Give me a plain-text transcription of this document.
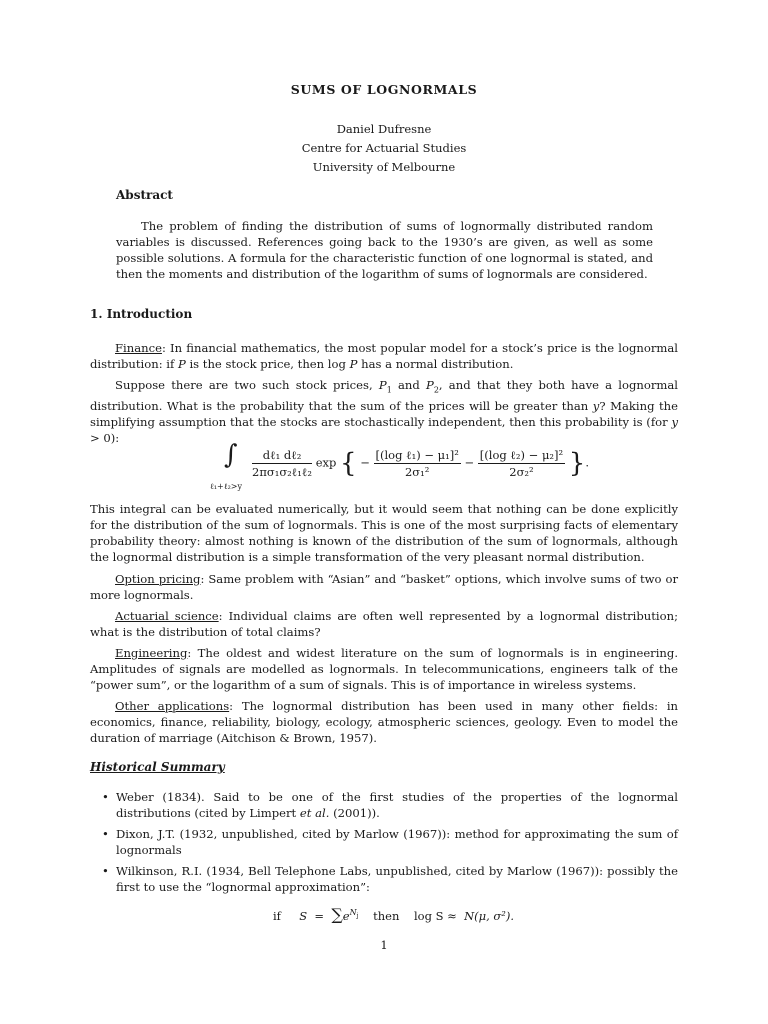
SUMS OF LOGNORMALS
Daniel Dufresne
Centre for Actuarial Studies
University of Melbourne
Abstract

The problem of finding the distribution of sums of lognormally distributed random variables is discussed. References going back to the 1930’s are given, as well as some possible solutions. A formula for the characteristic function of one lognormal is stated, and then the moments and distribution of the logarithm of sums of lognormals are considered.

1. Introduction

Finance: In financial mathematics, the most popular model for a stock’s price is the lognormal distribution: if P is the stock price, then log P has a normal distribution.

Suppose there are two such stock prices, $P_1$ and $P_2$, and that they both have a lognormal distribution. What is the probability that the sum of the prices will be greater than y? Making the simplifying assumption that the stocks are stochastically independent, then this probability is (for y > 0):

∫
ℓ₁+ℓ₂>y
$\frac{\text{dℓ₁ dℓ₂}}{\text{2πσ₁σ₂ℓ₁ℓ₂}}$ exp { − $\frac{\text{[(log ℓ₁) − μ₁]²}}{\text{2σ₁²}} - \frac{\text{[(log ℓ₂) − μ₂]²}}{\text{2σ₂²}}$ }.

This integral can be evaluated numerically, but it would seem that nothing can be done explicitly for the distribution of the sum of lognormals. This is one of the most surprising facts of elementary probability theory: almost nothing is known of the distribution of the sum of lognormals, although the lognormal distribution is a simple transformation of the very pleasant normal distribution.

Option pricing: Same problem with “Asian” and “basket” options, which involve sums of two or more lognormals.

Actuarial science: Individual claims are often well represented by a lognormal distribution; what is the distribution of total claims?

Engineering: The oldest and widest literature on the sum of lognormals is in engineering. Amplitudes of signals are modelled as lognormals. In telecommunications, engineers talk of the “power sum”, or the logarithm of a sum of signals. This is of importance in wireless systems.

Other applications: The lognormal distribution has been used in many other fields: in economics, finance, reliability, biology, ecology, atmospheric sciences, geology. Even to model the duration of marriage (Aitchison & Brown, 1957).

Historical Summary
• Weber (1834). Said to be one of the first studies of the properties of the lognormal distributions (cited by Limpert et al. (2001)).
• Dixon, J.T. (1932, unpublished, cited by Marlow (1967)): method for approximating the sum of lognormals
• Wilkinson, R.I. (1934, Bell Telephone Labs, unpublished, cited by Marlow (1967)): possibly the first to use the “lognormal approximation”:
if $S = \sum e^{N_j}$ then log S ≈ N(μ, σ²).
1
